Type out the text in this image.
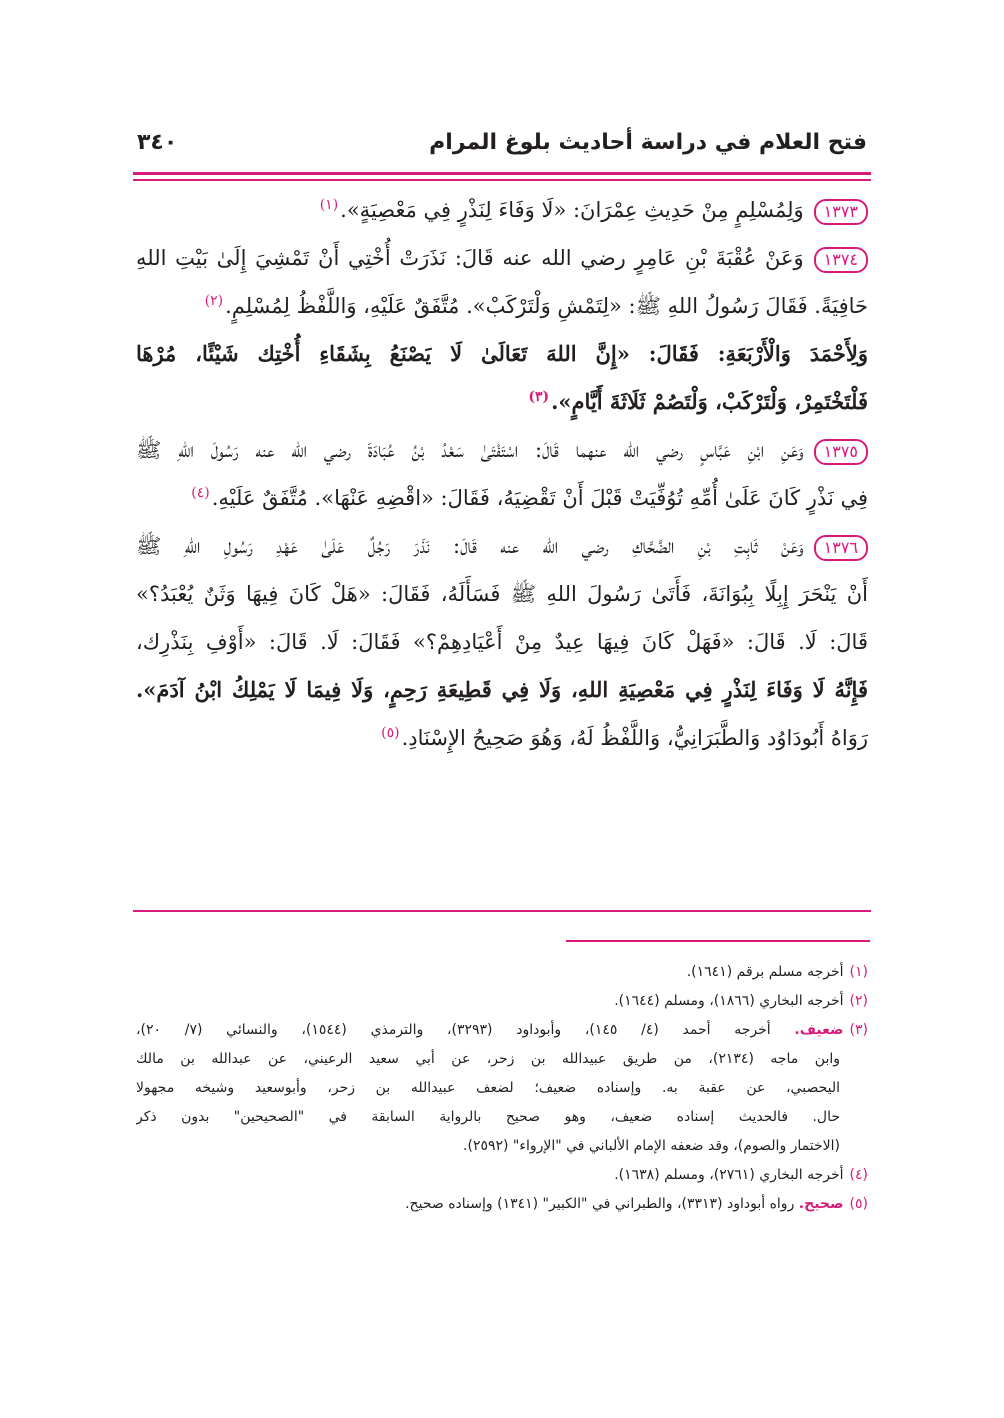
فتح العلام في دراسة أحاديث بلوغ المرام
٣٤٠
١٣٧٣وَلِمُسْلِمٍ مِنْ حَدِيثِ عِمْرَانَ: «لَا وَفَاءَ لِنَذْرٍ فِي مَعْصِيَةٍ».$^{(١)}$
١٣٧٤وَعَنْ عُقْبَةَ بْنِ عَامِرٍ رضي الله عنه قَالَ: نَذَرَتْ أُخْتِي أَنْ تَمْشِيَ إِلَىٰ بَيْتِ اللهِ
حَافِيَةً. فَقَالَ رَسُولُ اللهِ ﷺ: «لِتَمْشِ وَلْتَرْكَبْ». مُتَّفَقٌ عَلَيْهِ، وَاللَّفْظُ لِمُسْلِمٍ.$^{(٢)}$
وَلِأَحْمَدَ وَالْأَرْبَعَةِ: فَقَالَ: «إِنَّ اللهَ تَعَالَىٰ لَا يَصْنَعُ بِشَقَاءِ أُخْتِك شَيْئًا، مُرْهَا
فَلْتَخْتَمِرْ، وَلْتَرْكَبْ، وَلْتَصُمْ ثَلَاثَةَ أَيَّامٍ».$^{(٣)}$
١٣٧٥وَعَنِ ابْنِ عَبَّاسٍ رضي الله عنهما قَالَ: اسْتَفْتَىٰ سَعْدُ بْنُ عُبَادَةَ رضي الله عنه رَسُولَ اللهِ ﷺ
فِي نَذْرٍ كَانَ عَلَىٰ أُمِّهِ تُوُفِّيَتْ قَبْلَ أَنْ تَقْضِيَهُ، فَقَالَ: «اقْضِهِ عَنْهَا». مُتَّفَقٌ عَلَيْهِ.$^{(٤)}$
١٣٧٦وَعَنْ ثَابِتِ بْنِ الضَّحَّاكِ رضي الله عنه قَالَ: نَذَرَ رَجُلٌ عَلَىٰ عَهْدِ رَسُولِ اللهِ ﷺ
أَنْ يَنْحَرَ إِبِلًا بِبُوَانَةَ، فَأَتَىٰ رَسُولَ اللهِ ﷺ فَسَأَلَهُ، فَقَالَ: «هَلْ كَانَ فِيهَا وَثَنٌ يُعْبَدُ؟»
قَالَ: لَا. قَالَ: «فَهَلْ كَانَ فِيهَا عِيدٌ مِنْ أَعْيَادِهِمْ؟» فَقَالَ: لَا. قَالَ: «أَوْفِ بِنَذْرِك،
فَإِنَّهُ لَا وَفَاءَ لِنَذْرٍ فِي مَعْصِيَةِ اللهِ، وَلَا فِي قَطِيعَةِ رَحِمٍ، وَلَا فِيمَا لَا يَمْلِكُ ابْنُ آدَمَ».
رَوَاهُ أَبُودَاوُد وَالطَّبَرَانِيُّ، وَاللَّفْظُ لَهُ، وَهُوَ صَحِيحُ الإِسْنَادِ.$^{(٥)}$
(١)أخرجه مسلم برقم (١٦٤١).
(٢)أخرجه البخاري (١٨٦٦)، ومسلم (١٦٤٤).
(٣)ضعيف. أخرجه أحمد (٤/ ١٤٥)، وأبوداود (٣٢٩٣)، والترمذي (١٥٤٤)، والنسائي (٧/ ٢٠)،
وابن ماجه (٢١٣٤)، من طريق عبيدالله بن زحر، عن أبي سعيد الرعيني، عن عبدالله بن مالك
اليحصبي، عن عقبة به. وإسناده ضعيف؛ لضعف عبيدالله بن زحر، وأبوسعيد وشيخه مجهولا
حال. فالحديث إسناده ضعيف، وهو صحيح بالرواية السابقة في "الصحيحين" بدون ذكر
(الاختمار والصوم)، وقد ضعفه الإمام الألباني في "الإرواء" (٢٥٩٢).
(٤)أخرجه البخاري (٢٧٦١)، ومسلم (١٦٣٨).
(٥)صحيح. رواه أبوداود (٣٣١٣)، والطبراني في "الكبير" (١٣٤١) وإسناده صحيح.
